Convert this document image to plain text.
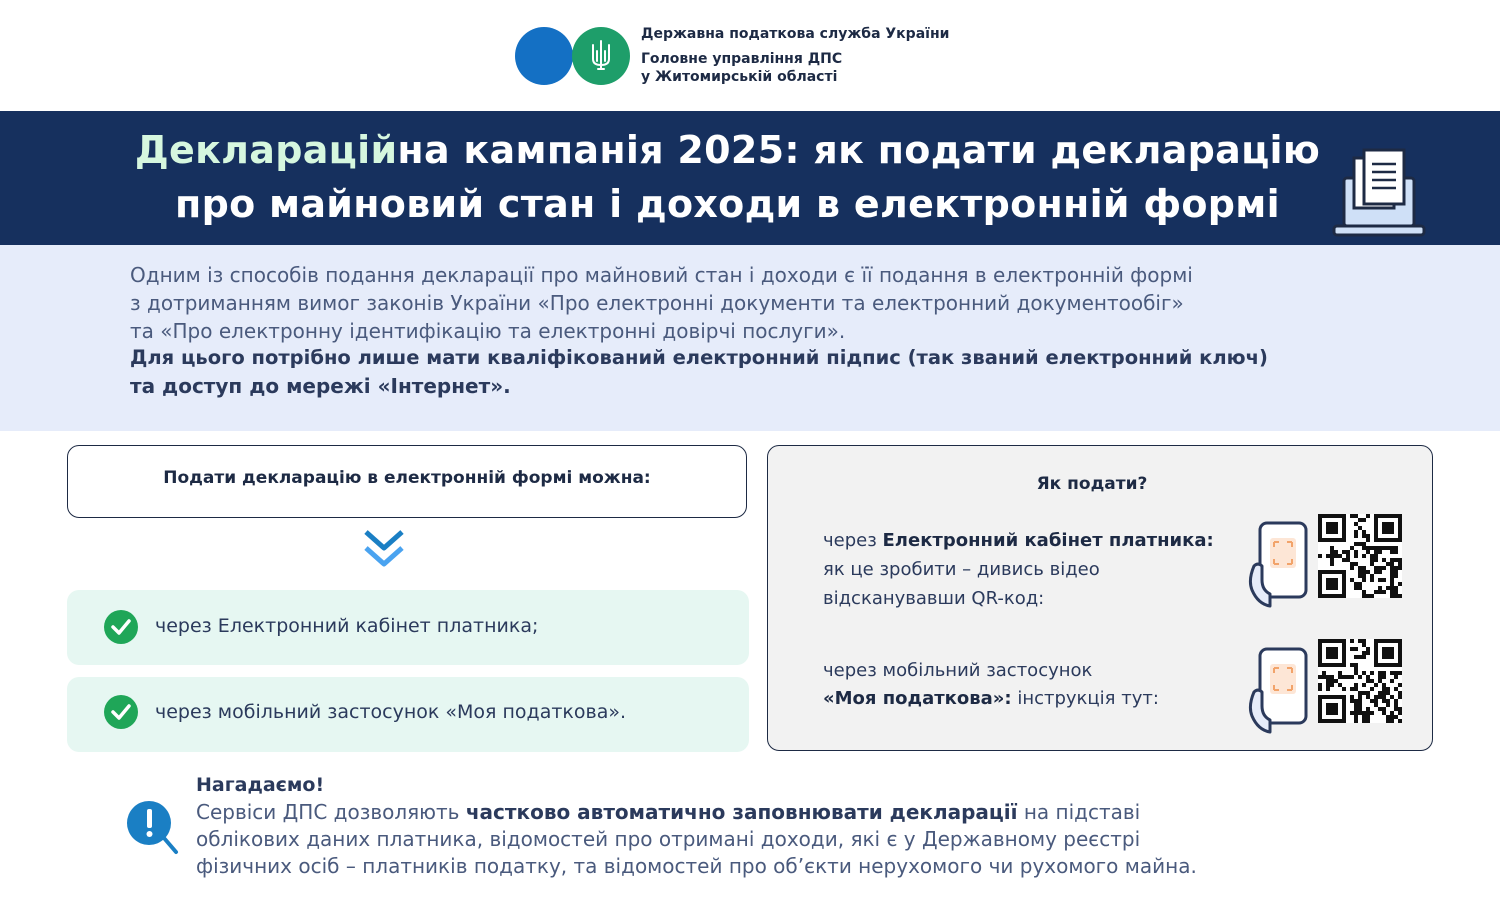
Державна податкова служба України
Головне управління ДПС
у Житомирській області
Деклараційна кампанія 2025: як подати декларацію
про майновий стан і доходи в електронній формі
Одним із способів подання декларації про майновий стан і доходи є її подання в електронній формі
з дотриманням вимог законів України «Про електронні документи та електронний документообіг»
та «Про електронну ідентифікацію та електронні довірчі послуги».
Для цього потрібно лише мати кваліфікований електронний підпис (так званий електронний ключ)
та доступ до мережі «Інтернет».
Подати декларацію в електронній формі можна:
через Електронний кабінет платника;
через мобільний застосунок «Моя податкова».
Як подати?
через Електронний кабінет платника:
як це зробити – дивись відео
відсканувавши QR-код:
через мобільний застосунок
«Моя податкова»: інструкція тут:
Нагадаємо!
Сервіси ДПС дозволяють частково автоматично заповнювати декларації на підставі
облікових даних платника, відомостей про отримані доходи, які є у Державному реєстрі
фізичних осіб – платників податку, та відомостей про об’єкти нерухомого чи рухомого майна.
